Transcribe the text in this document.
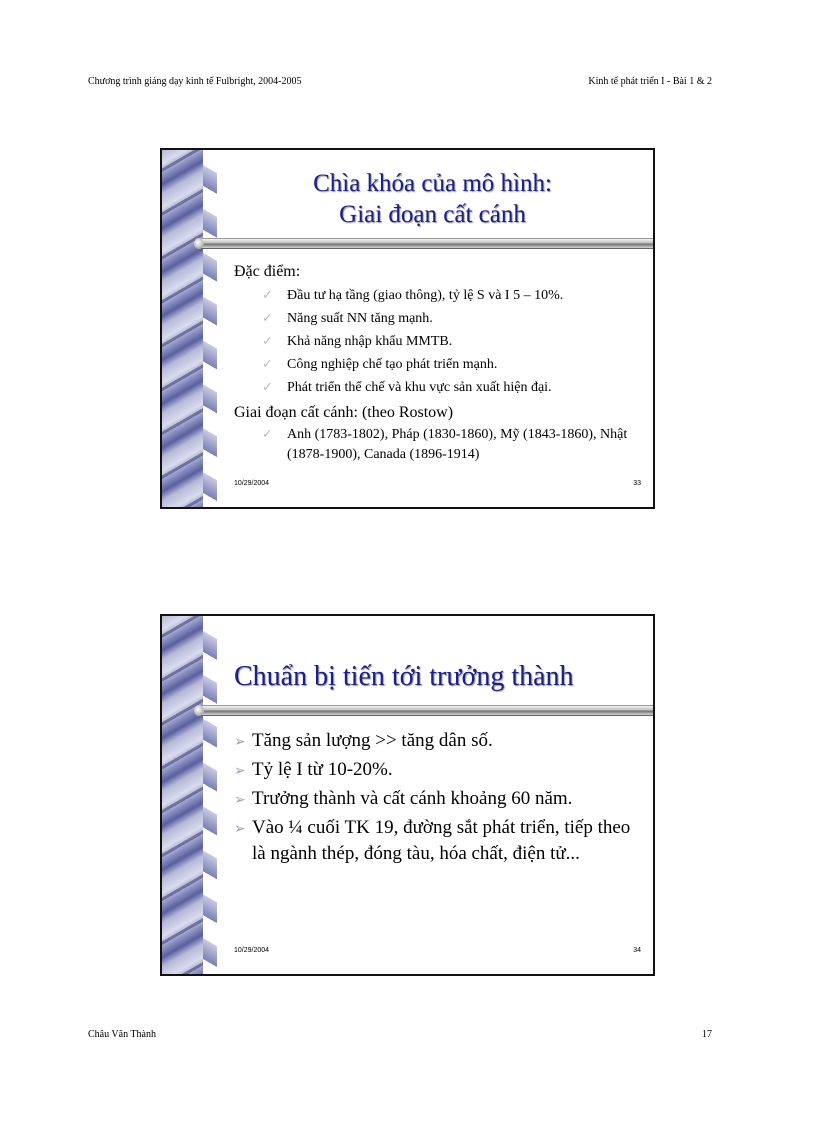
Chương trình giảng dạy kinh tế Fulbright, 2004-2005	Kinh tế phát triển I - Bài 1 & 2
Chìa khóa của mô hình:
Giai đoạn cất cánh

Đặc điểm:

✓ Đầu tư hạ tầng (giao thông), tỷ lệ S và I 5 – 10%.
✓ Năng suất NN tăng mạnh.
✓ Khả năng nhập khẩu MMTB.
✓ Công nghiệp chế tạo phát triển mạnh.
✓ Phát triển thể chế và khu vực sản xuất hiện đại.

Giai đoạn cất cánh: (theo Rostow)

✓ Anh (1783-1802), Pháp (1830-1860), Mỹ (1843-1860), Nhật (1878-1900), Canada (1896-1914)
10/29/2004	33
Chuẩn bị tiến tới trưởng thành
➢ Tăng sản lượng >> tăng dân số.
➢ Tỷ lệ I từ 10-20%.
➢ Trưởng thành và cất cánh khoảng 60 năm.
➢ Vào ¼ cuối TK 19, đường sắt phát triển, tiếp theo là ngành thép, đóng tàu, hóa chất, điện tử...
10/29/2004	34
Châu Văn Thành	17
